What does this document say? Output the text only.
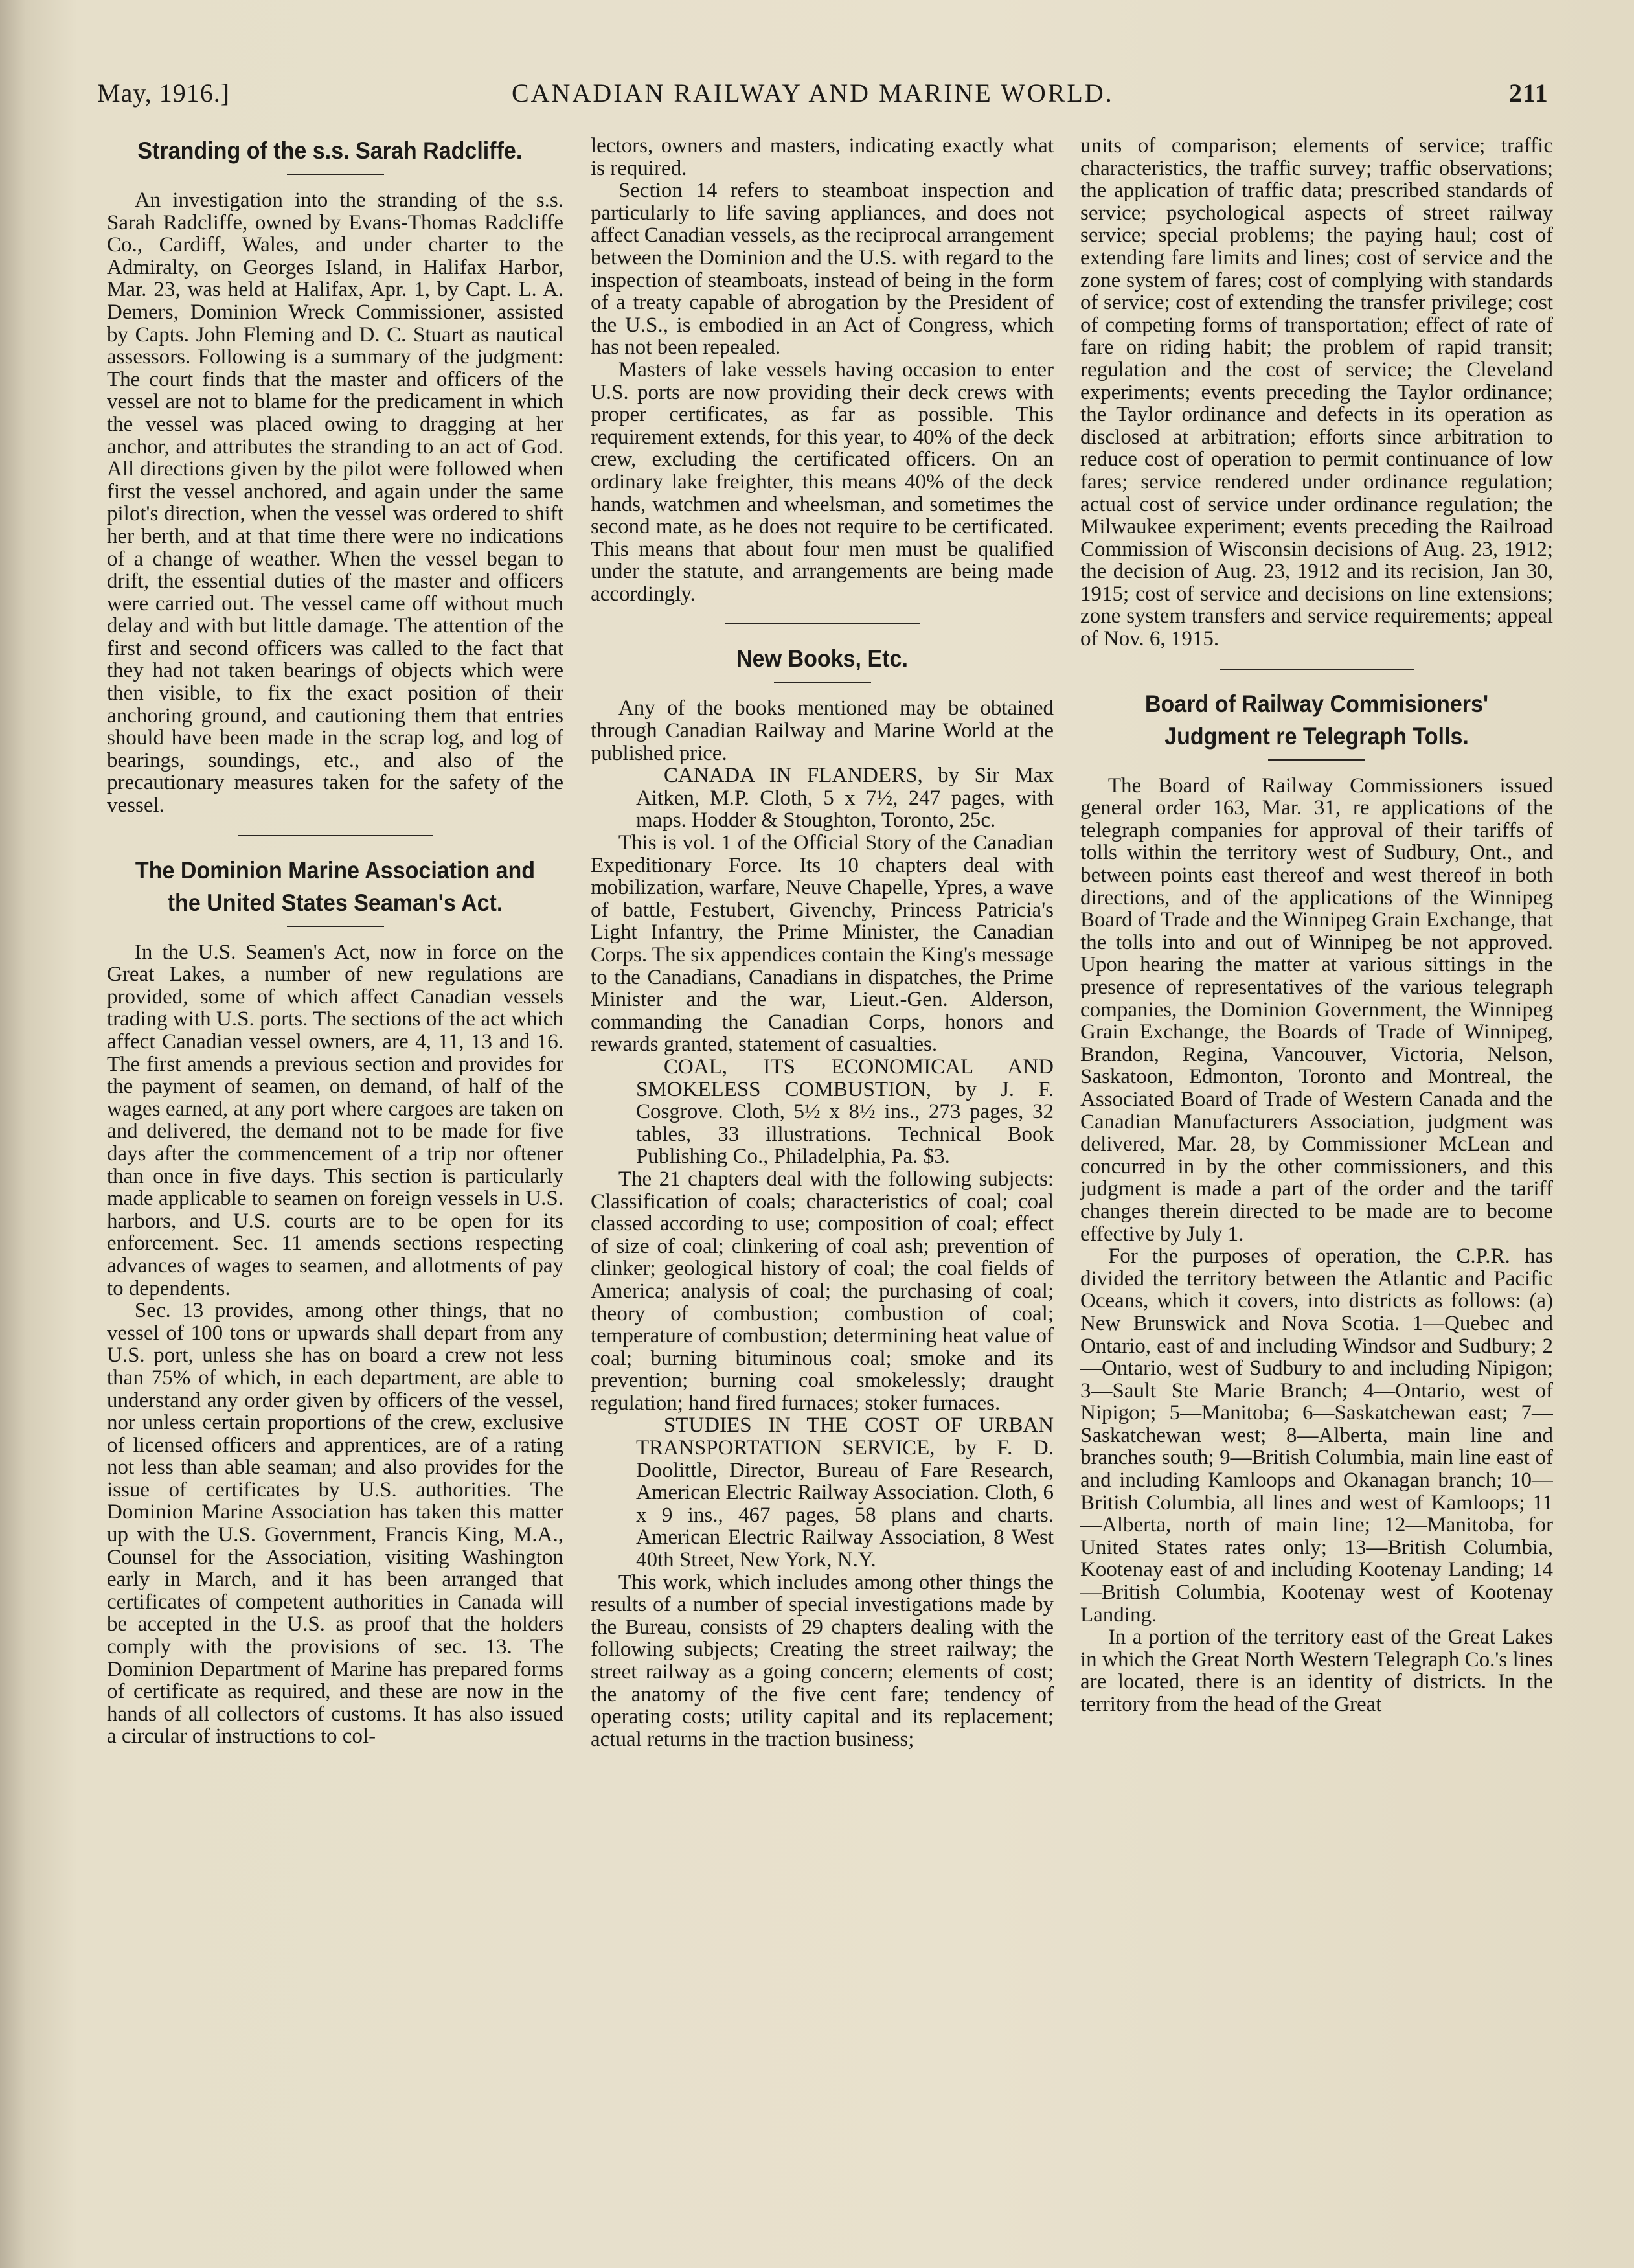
May, 1916.]	CANADIAN RAILWAY AND MARINE WORLD.	211
Stranding of the s.s. Sarah Radcliffe.

An investigation into the stranding of the s.s. Sarah Radcliffe, owned by Evans-Thomas Radcliffe Co., Cardiff, Wales, and under charter to the Admiralty, on Georges Island, in Halifax Harbor, Mar. 23, was held at Halifax, Apr. 1, by Capt. L. A. Demers, Dominion Wreck Commissioner, assisted by Capts. John Fleming and D. C. Stuart as nautical assessors. Following is a summary of the judgment: The court finds that the master and officers of the vessel are not to blame for the predicament in which the vessel was placed owing to dragging at her anchor, and attributes the stranding to an act of God. All directions given by the pilot were followed when first the vessel anchored, and again under the same pilot's direction, when the vessel was ordered to shift her berth, and at that time there were no indications of a change of weather. When the vessel began to drift, the essential duties of the master and officers were carried out. The vessel came off without much delay and with but little damage. The attention of the first and second officers was called to the fact that they had not taken bearings of objects which were then visible, to fix the exact position of their anchoring ground, and cautioning them that entries should have been made in the scrap log, and log of bearings, soundings, etc., and also of the precautionary measures taken for the safety of the vessel.

The Dominion Marine Association and the United States Seaman's Act.

In the U.S. Seamen's Act, now in force on the Great Lakes, a number of new regulations are provided, some of which affect Canadian vessels trading with U.S. ports. The sections of the act which affect Canadian vessel owners, are 4, 11, 13 and 16. The first amends a previous section and provides for the payment of seamen, on demand, of half of the wages earned, at any port where cargoes are taken on and delivered, the demand not to be made for five days after the commencement of a trip nor oftener than once in five days. This section is particularly made applicable to seamen on foreign vessels in U.S. harbors, and U.S. courts are to be open for its enforcement. Sec. 11 amends sections respecting advances of wages to seamen, and allotments of pay to dependents.

Sec. 13 provides, among other things, that no vessel of 100 tons or upwards shall depart from any U.S. port, unless she has on board a crew not less than 75% of which, in each department, are able to understand any order given by officers of the vessel, nor unless certain proportions of the crew, exclusive of licensed officers and apprentices, are of a rating not less than able seaman; and also provides for the issue of certificates by U.S. authorities. The Dominion Marine Association has taken this matter up with the U.S. Government, Francis King, M.A., Counsel for the Association, visiting Washington early in March, and it has been arranged that certificates of competent authorities in Canada will be accepted in the U.S. as proof that the holders comply with the provisions of sec. 13. The Dominion Department of Marine has prepared forms of certificate as required, and these are now in the hands of all collectors of customs. It has also issued a circular of instructions to col-

lectors, owners and masters, indicating exactly what is required.

Section 14 refers to steamboat inspection and particularly to life saving appliances, and does not affect Canadian vessels, as the reciprocal arrangement between the Dominion and the U.S. with regard to the inspection of steamboats, instead of being in the form of a treaty capable of abrogation by the President of the U.S., is embodied in an Act of Congress, which has not been repealed.

Masters of lake vessels having occasion to enter U.S. ports are now providing their deck crews with proper certificates, as far as possible. This requirement extends, for this year, to 40% of the deck crew, excluding the certificated officers. On an ordinary lake freighter, this means 40% of the deck hands, watchmen and wheelsman, and sometimes the second mate, as he does not require to be certificated. This means that about four men must be qualified under the statute, and arrangements are being made accordingly.

New Books, Etc.

Any of the books mentioned may be obtained through Canadian Railway and Marine World at the published price.

CANADA IN FLANDERS, by Sir Max Aitken, M.P. Cloth, 5 x 7½, 247 pages, with maps. Hodder & Stoughton, Toronto, 25c.

This is vol. 1 of the Official Story of the Canadian Expeditionary Force. Its 10 chapters deal with mobilization, warfare, Neuve Chapelle, Ypres, a wave of battle, Festubert, Givenchy, Princess Patricia's Light Infantry, the Prime Minister, the Canadian Corps. The six appendices contain the King's message to the Canadians, Canadians in dispatches, the Prime Minister and the war, Lieut.-Gen. Alderson, commanding the Canadian Corps, honors and rewards granted, statement of casualties.

COAL, ITS ECONOMICAL AND SMOKELESS COMBUSTION, by J. F. Cosgrove. Cloth, 5½ x 8½ ins., 273 pages, 32 tables, 33 illustrations. Technical Book Publishing Co., Philadelphia, Pa. $3.

The 21 chapters deal with the following subjects: Classification of coals; characteristics of coal; coal classed according to use; composition of coal; effect of size of coal; clinkering of coal ash; prevention of clinker; geological history of coal; the coal fields of America; analysis of coal; the purchasing of coal; theory of combustion; combustion of coal; temperature of combustion; determining heat value of coal; burning bituminous coal; smoke and its prevention; burning coal smokelessly; draught regulation; hand fired furnaces; stoker furnaces.

STUDIES IN THE COST OF URBAN TRANSPORTATION SERVICE, by F. D. Doolittle, Director, Bureau of Fare Research, American Electric Railway Association. Cloth, 6 x 9 ins., 467 pages, 58 plans and charts. American Electric Railway Association, 8 West 40th Street, New York, N.Y.

This work, which includes among other things the results of a number of special investigations made by the Bureau, consists of 29 chapters dealing with the following subjects; Creating the street railway; the street railway as a going concern; elements of cost; the anatomy of the five cent fare; tendency of operating costs; utility capital and its replacement; actual returns in the traction business;

units of comparison; elements of service; traffic characteristics, the traffic survey; traffic observations; the application of traffic data; prescribed standards of service; psychological aspects of street railway service; special problems; the paying haul; cost of extending fare limits and lines; cost of service and the zone system of fares; cost of complying with standards of service; cost of extending the transfer privilege; cost of competing forms of transportation; effect of rate of fare on riding habit; the problem of rapid transit; regulation and the cost of service; the Cleveland experiments; events preceding the Taylor ordinance; the Taylor ordinance and defects in its operation as disclosed at arbitration; efforts since arbitration to reduce cost of operation to permit continuance of low fares; service rendered under ordinance regulation; actual cost of service under ordinance regulation; the Milwaukee experiment; events preceding the Railroad Commission of Wisconsin decisions of Aug. 23, 1912; the decision of Aug. 23, 1912 and its recision, Jan 30, 1915; cost of service and decisions on line extensions; zone system transfers and service requirements; appeal of Nov. 6, 1915.

Board of Railway Commisioners' Judgment re Telegraph Tolls.

The Board of Railway Commissioners issued general order 163, Mar. 31, re applications of the telegraph companies for approval of their tariffs of tolls within the territory west of Sudbury, Ont., and between points east thereof and west thereof in both directions, and of the applications of the Winnipeg Board of Trade and the Winnipeg Grain Exchange, that the tolls into and out of Winnipeg be not approved. Upon hearing the matter at various sittings in the presence of representatives of the various telegraph companies, the Dominion Government, the Winnipeg Grain Exchange, the Boards of Trade of Winnipeg, Brandon, Regina, Vancouver, Victoria, Nelson, Saskatoon, Edmonton, Toronto and Montreal, the Associated Board of Trade of Western Canada and the Canadian Manufacturers Association, judgment was delivered, Mar. 28, by Commissioner McLean and concurred in by the other commissioners, and this judgment is made a part of the order and the tariff changes therein directed to be made are to become effective by July 1.

For the purposes of operation, the C.P.R. has divided the territory between the Atlantic and Pacific Oceans, which it covers, into districts as follows: (a) New Brunswick and Nova Scotia. 1—Quebec and Ontario, east of and including Windsor and Sudbury; 2—Ontario, west of Sudbury to and including Nipigon; 3—Sault Ste Marie Branch; 4—Ontario, west of Nipigon; 5—Manitoba; 6—Saskatchewan east; 7—Saskatchewan west; 8—Alberta, main line and branches south; 9—British Columbia, main line east of and including Kamloops and Okanagan branch; 10—British Columbia, all lines and west of Kamloops; 11—Alberta, north of main line; 12—Manitoba, for United States rates only; 13—British Columbia, Kootenay east of and including Kootenay Landing; 14—British Columbia, Kootenay west of Kootenay Landing.

In a portion of the territory east of the Great Lakes in which the Great North Western Telegraph Co.'s lines are located, there is an identity of districts. In the territory from the head of the Great
